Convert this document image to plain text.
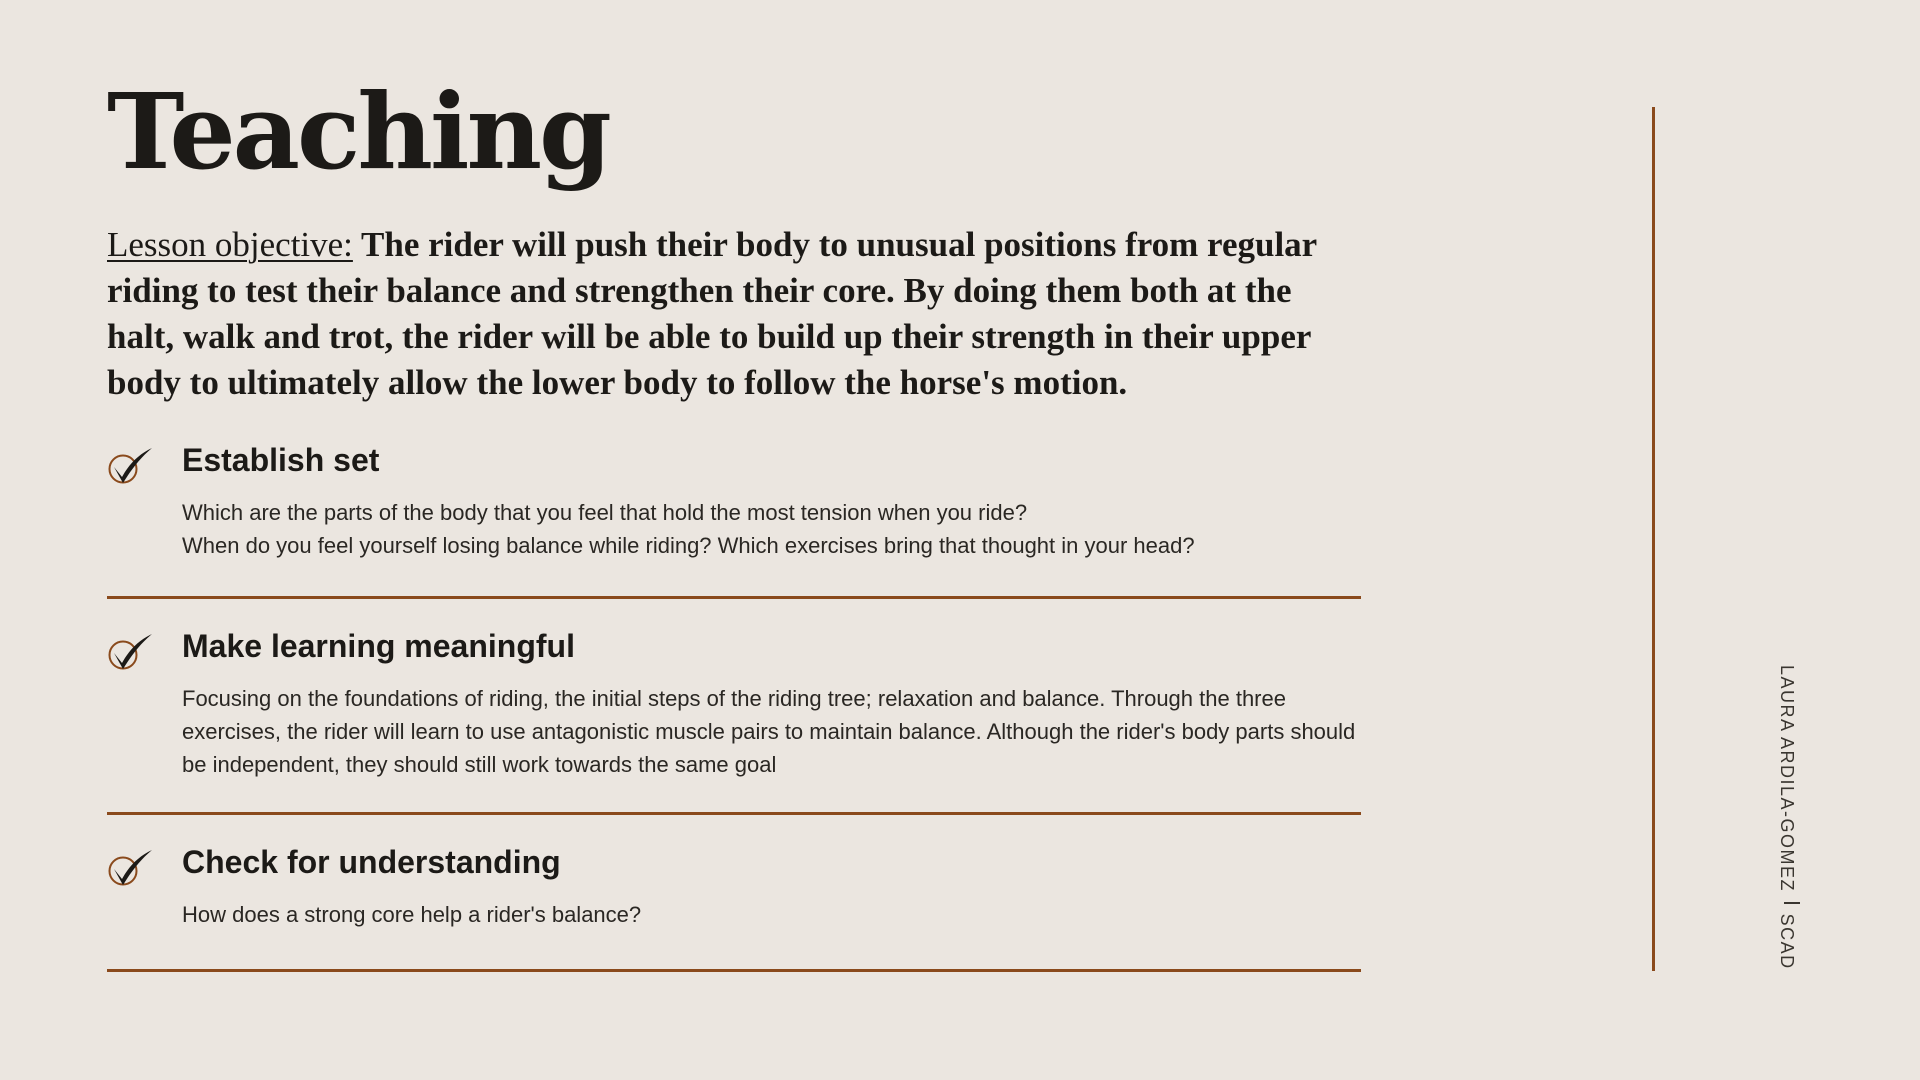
Teaching

Lesson objective: The rider will push their body to unusual positions from regular riding to test their balance and strengthen their core. By doing them both at the halt, walk and trot, the rider will be able to build up their strength in their upper body to ultimately allow the lower body to follow the horse's motion.

Establish set

Which are the parts of the body that you feel that hold the most tension when you ride?
When do you feel yourself losing balance while riding? Which exercises bring that thought in your head?

Make learning meaningful

Focusing on the foundations of riding, the initial steps of the riding tree; relaxation and balance. Through the three exercises, the rider will learn to use antagonistic muscle pairs to maintain balance. Although the rider's body parts should be independent, they should still work towards the same goal

Check for understanding

How does a strong core help a rider's balance?

LAURA ARDILA-GOMEZSCAD
